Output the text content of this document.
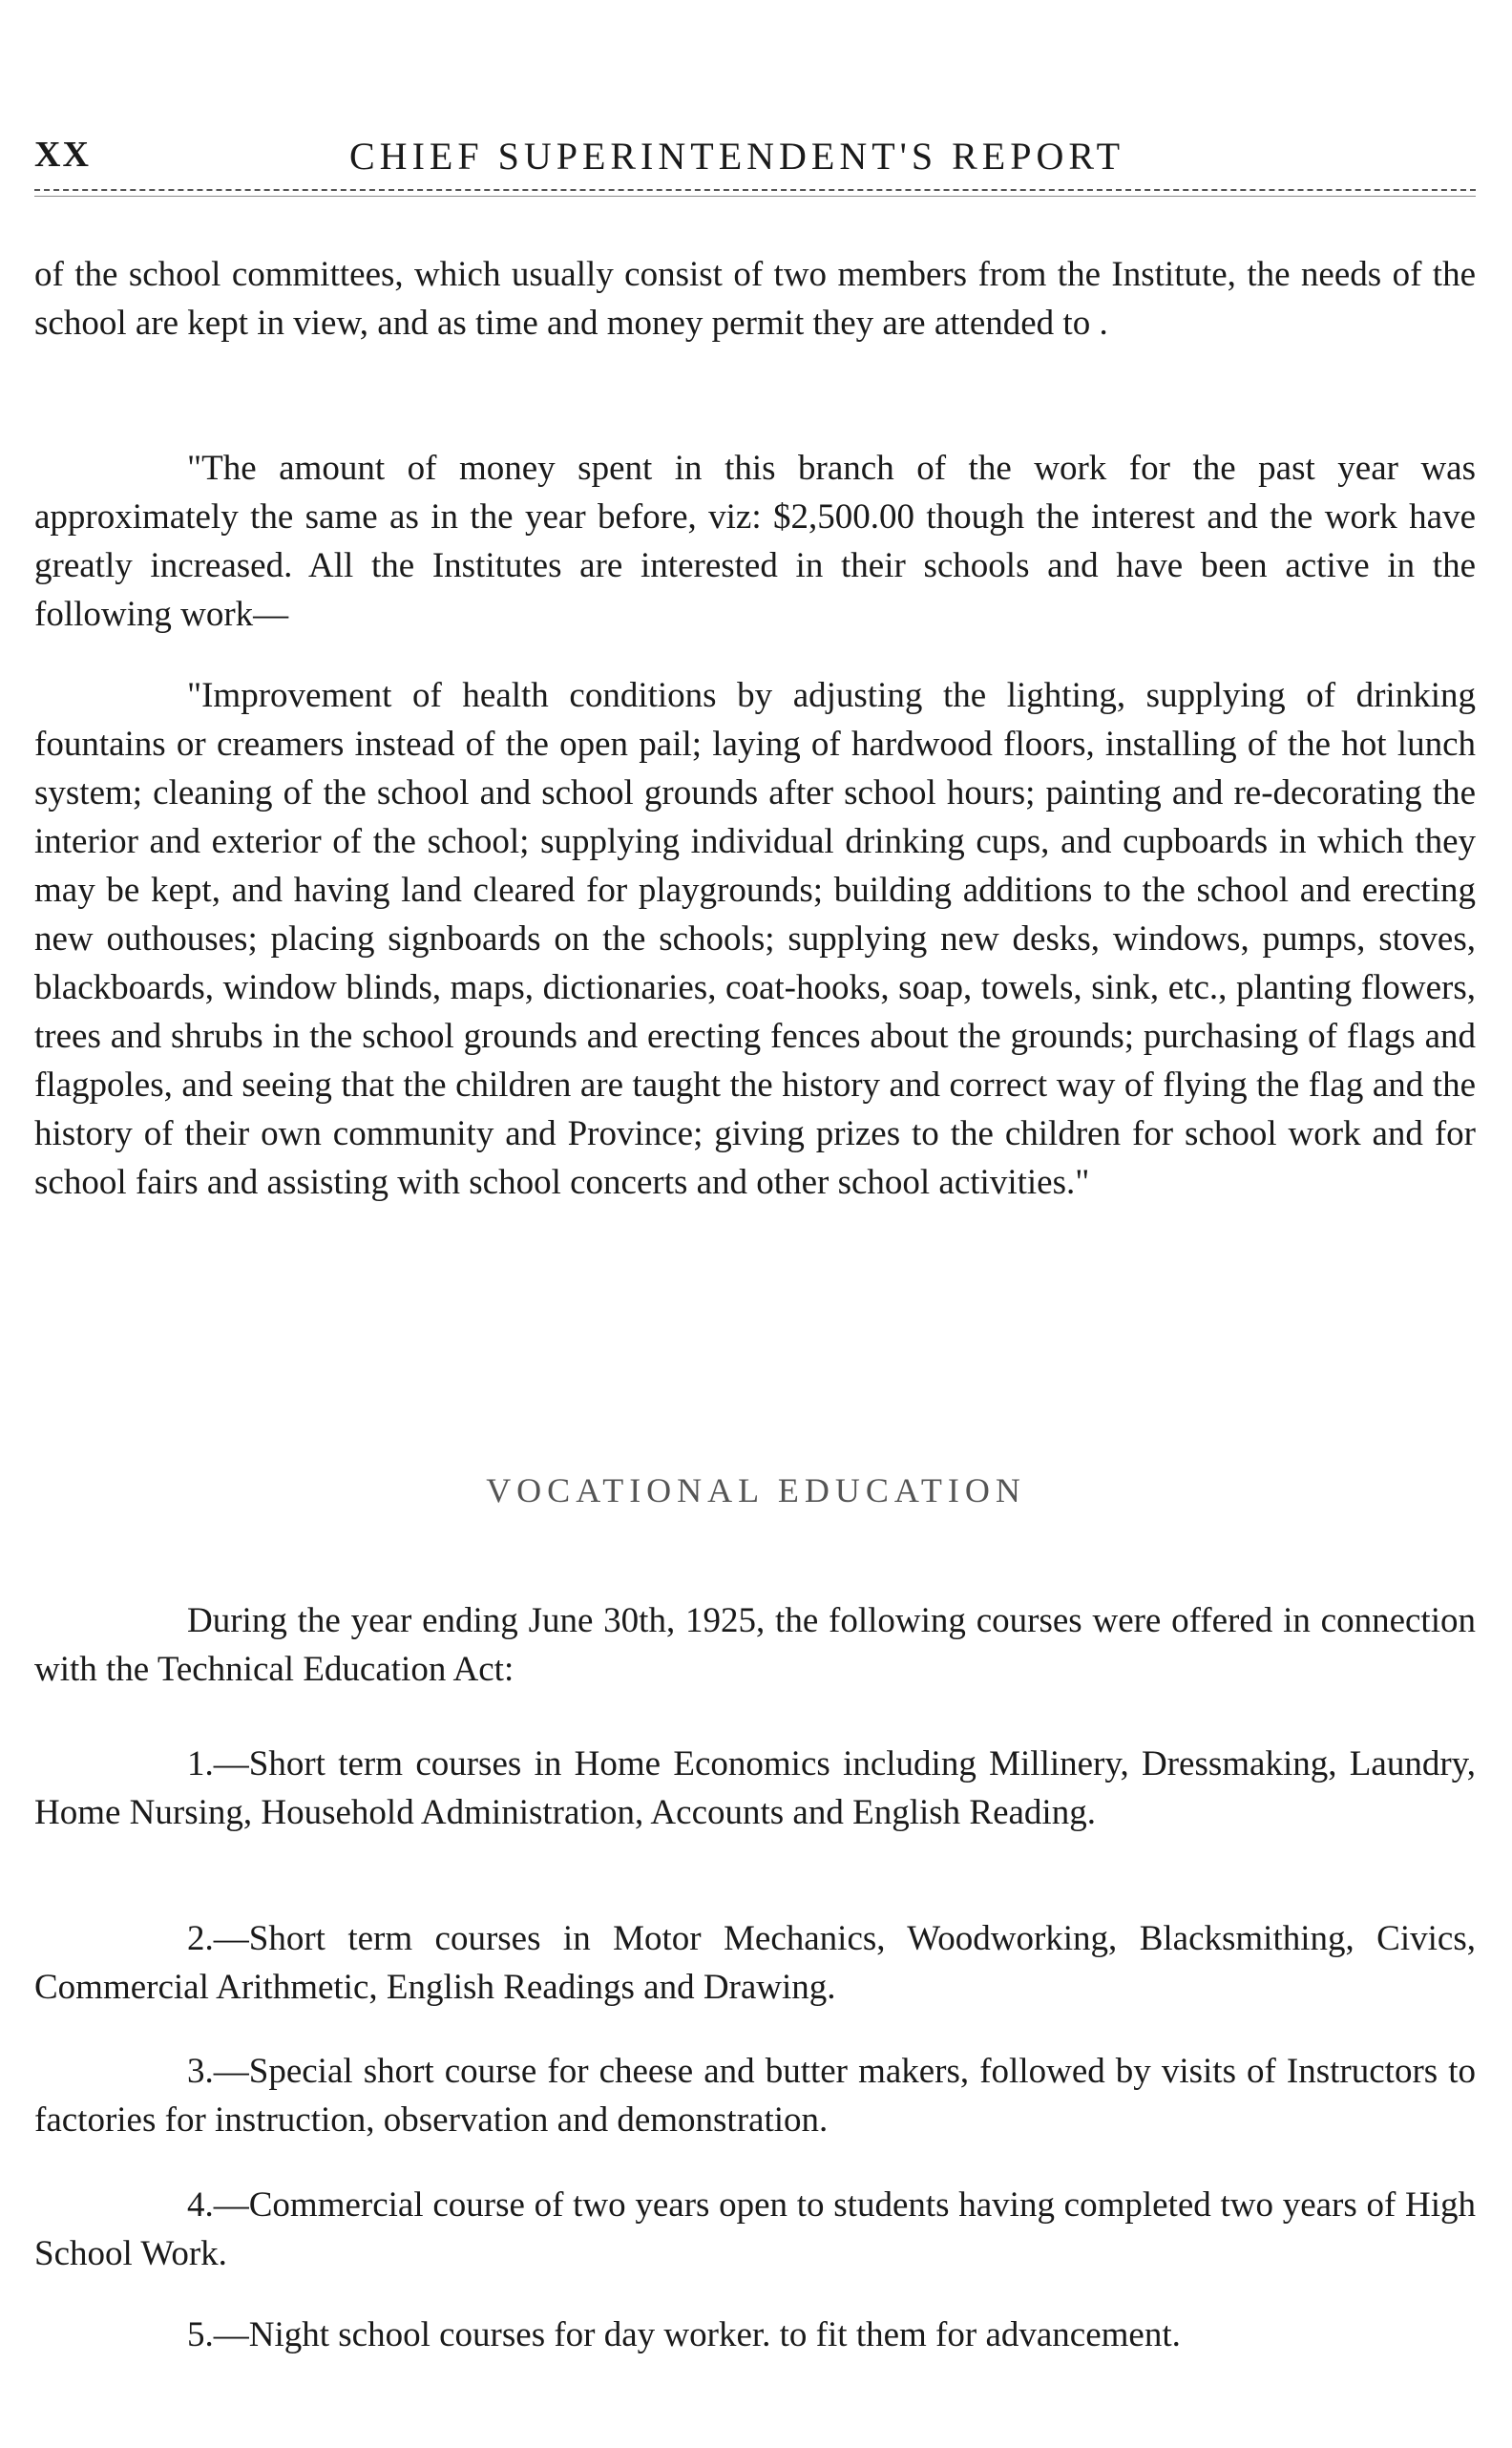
XX	CHIEF SUPERINTENDENT'S REPORT

of the school committees, which usually consist of two members from the Institute, the needs of the school are kept in view, and as time and money permit they are attended to .

"The amount of money spent in this branch of the work for the past year was approximately the same as in the year before, viz: $2,500.00 though the interest and the work have greatly increased. All the Institutes are interested in their schools and have been active in the following work—

"Improvement of health conditions by adjusting the lighting, supplying of drinking fountains or creamers instead of the open pail; laying of hardwood floors, installing of the hot lunch system; cleaning of the school and school grounds after school hours; painting and re-decorating the interior and exterior of the school; supplying individual drinking cups, and cupboards in which they may be kept, and having land cleared for playgrounds; building additions to the school and erecting new outhouses; placing signboards on the schools; supplying new desks, windows, pumps, stoves, blackboards, window blinds, maps, dictionaries, coat-hooks, soap, towels, sink, etc., planting flowers, trees and shrubs in the school grounds and erecting fences about the grounds; purchasing of flags and flagpoles, and seeing that the children are taught the history and correct way of flying the flag and the history of their own community and Province; giving prizes to the children for school work and for school fairs and assisting with school concerts and other school activities."

VOCATIONAL EDUCATION

During the year ending June 30th, 1925, the following courses were offered in connection with the Technical Education Act:

1.—Short term courses in Home Economics including Millinery, Dressmaking, Laundry, Home Nursing, Household Administration, Accounts and English Reading.

2.—Short term courses in Motor Mechanics, Woodworking, Blacksmithing, Civics, Commercial Arithmetic, English Readings and Drawing.

3.—Special short course for cheese and butter makers, followed by visits of Instructors to factories for instruction, observation and demonstration.

4.—Commercial course of two years open to students having completed two years of High School Work.

5.—Night school courses for day worker. to fit them for advancement.
